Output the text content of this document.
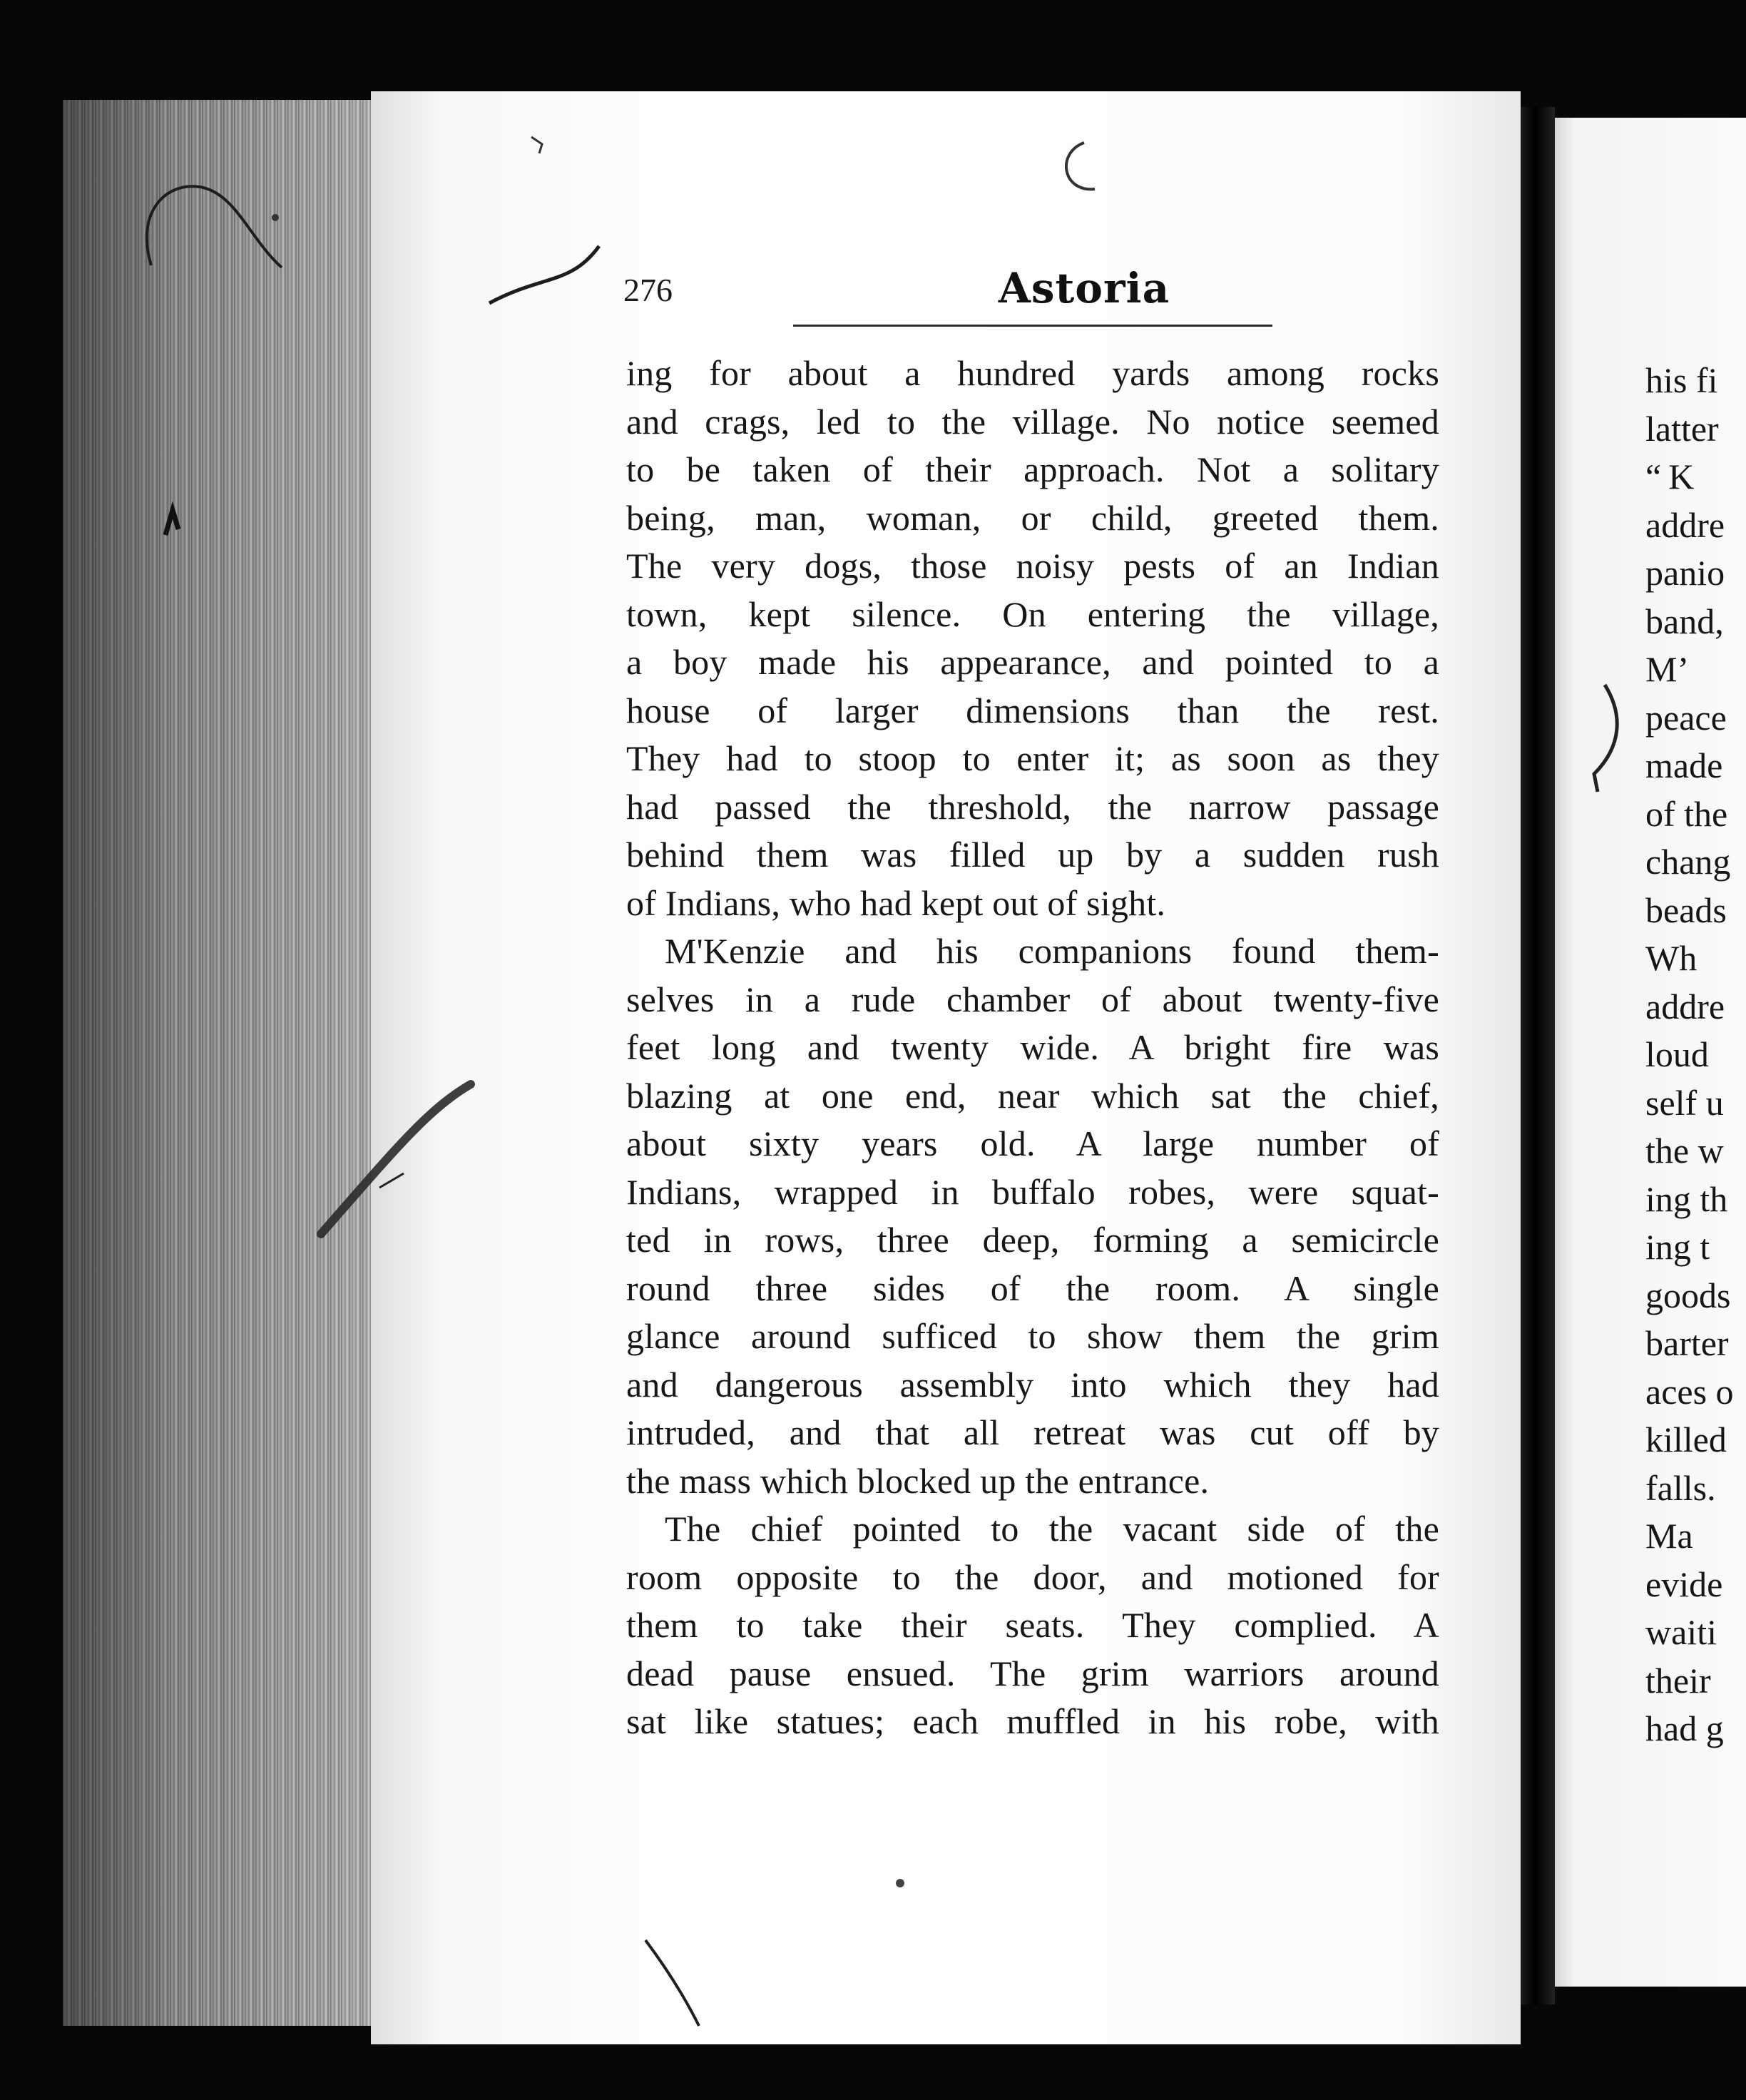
276	Astoria
ing for about a hundred yards among rocks
and crags, led to the village. No notice seemed
to be taken of their approach. Not a solitary
being, man, woman, or child, greeted them.
The very dogs, those noisy pests of an Indian
town, kept silence. On entering the village,
a boy made his appearance, and pointed to a
house of larger dimensions than the rest.
They had to stoop to enter it; as soon as they
had passed the threshold, the narrow passage
behind them was filled up by a sudden rush
of Indians, who had kept out of sight.
M'Kenzie and his companions found them-
selves in a rude chamber of about twenty-five
feet long and twenty wide. A bright fire was
blazing at one end, near which sat the chief,
about sixty years old. A large number of
Indians, wrapped in buffalo robes, were squat-
ted in rows, three deep, forming a semicircle
round three sides of the room. A single
glance around sufficed to show them the grim
and dangerous assembly into which they had
intruded, and that all retreat was cut off by
the mass which blocked up the entrance.
The chief pointed to the vacant side of the
room opposite to the door, and motioned for
them to take their seats. They complied. A
dead pause ensued. The grim warriors around
sat like statues; each muffled in his robe, with
his fi
latter
“ K
addre
panio
band,
M’
peace
made
of the
chang
beads
Wh
addre
loud
self u
the w
ing th
ing t
goods
barter
aces o
killed
falls.
Ma
evide
waiti
their
had g
